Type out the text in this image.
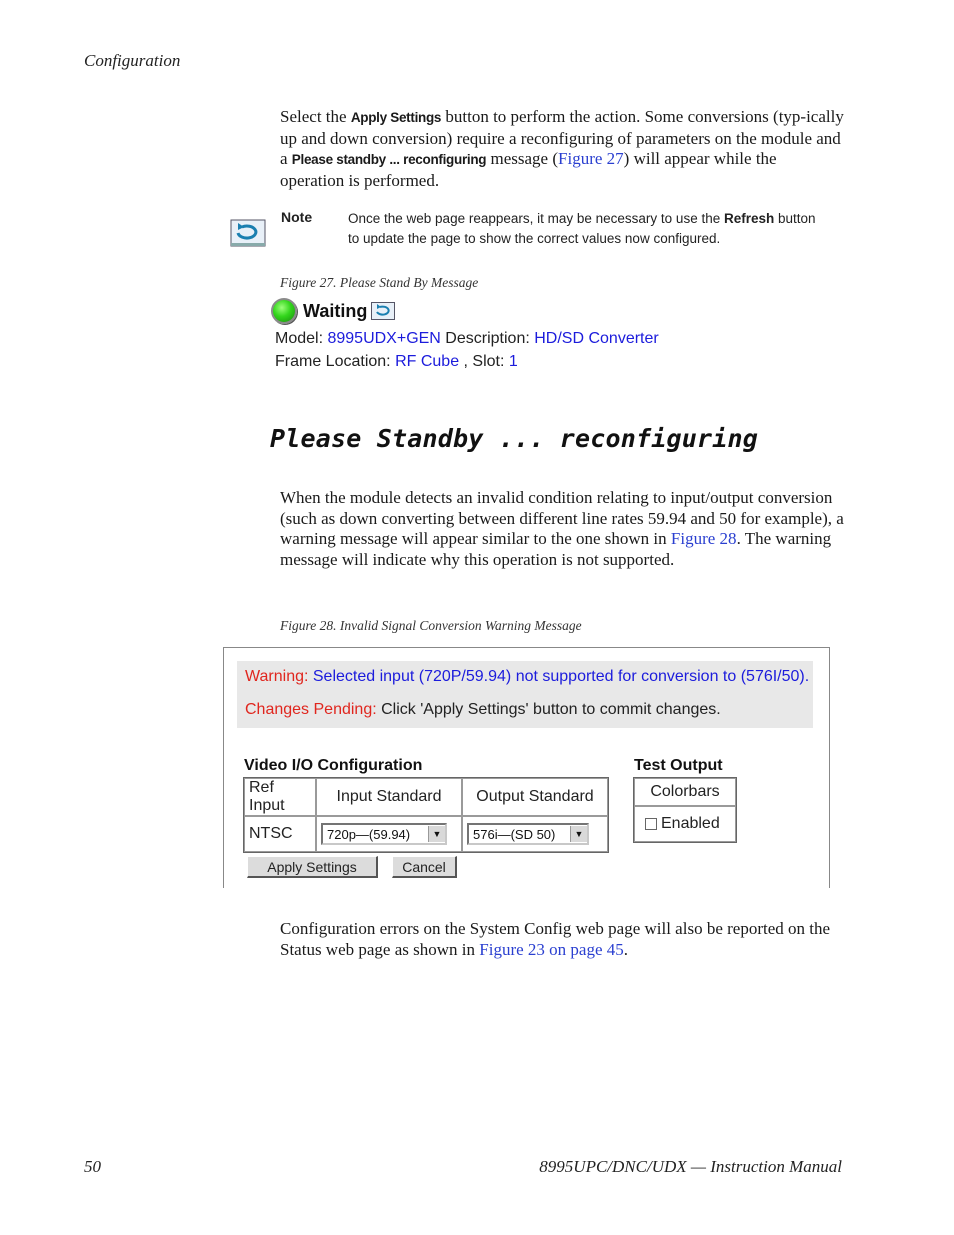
Configuration
Select the Apply Settings button to perform the action. Some conversions (typ-ically up and down conversion) require a reconfiguring of parameters on the module and a Please standby ... reconfiguring message (Figure 27) will appear while the operation is performed.
Note	Once the web page reappears, it may be necessary to use the Refresh button to update the page to show the correct values now configured.
Figure 27. Please Stand By Message
Waiting
Model: 8995UDX+GEN Description: HD/SD Converter
Frame Location: RF Cube , Slot: 1
Please Standby ... reconfiguring
When the module detects an invalid condition relating to input/output conversion (such as down converting between different line rates 59.94 and 50 for example), a warning message will appear similar to the one shown in Figure 28. The warning message will indicate why this operation is not supported.
Figure 28. Invalid Signal Conversion Warning Message
Warning: Selected input (720P/59.94) not supported for conversion to (576I/50).
Changes Pending: Click 'Apply Settings' button to commit changes.
Video I/O Configuration	Test Output
Ref Input	Input Standard	Output Standard
NTSC	720p—(59.94) ▼	576i—(SD 50) ▼
Colorbars
Enabled
Apply Settings	Cancel
Configuration errors on the System Config web page will also be reported on the Status web page as shown in Figure 23 on page 45.
50	8995UPC/DNC/UDX — Instruction Manual
